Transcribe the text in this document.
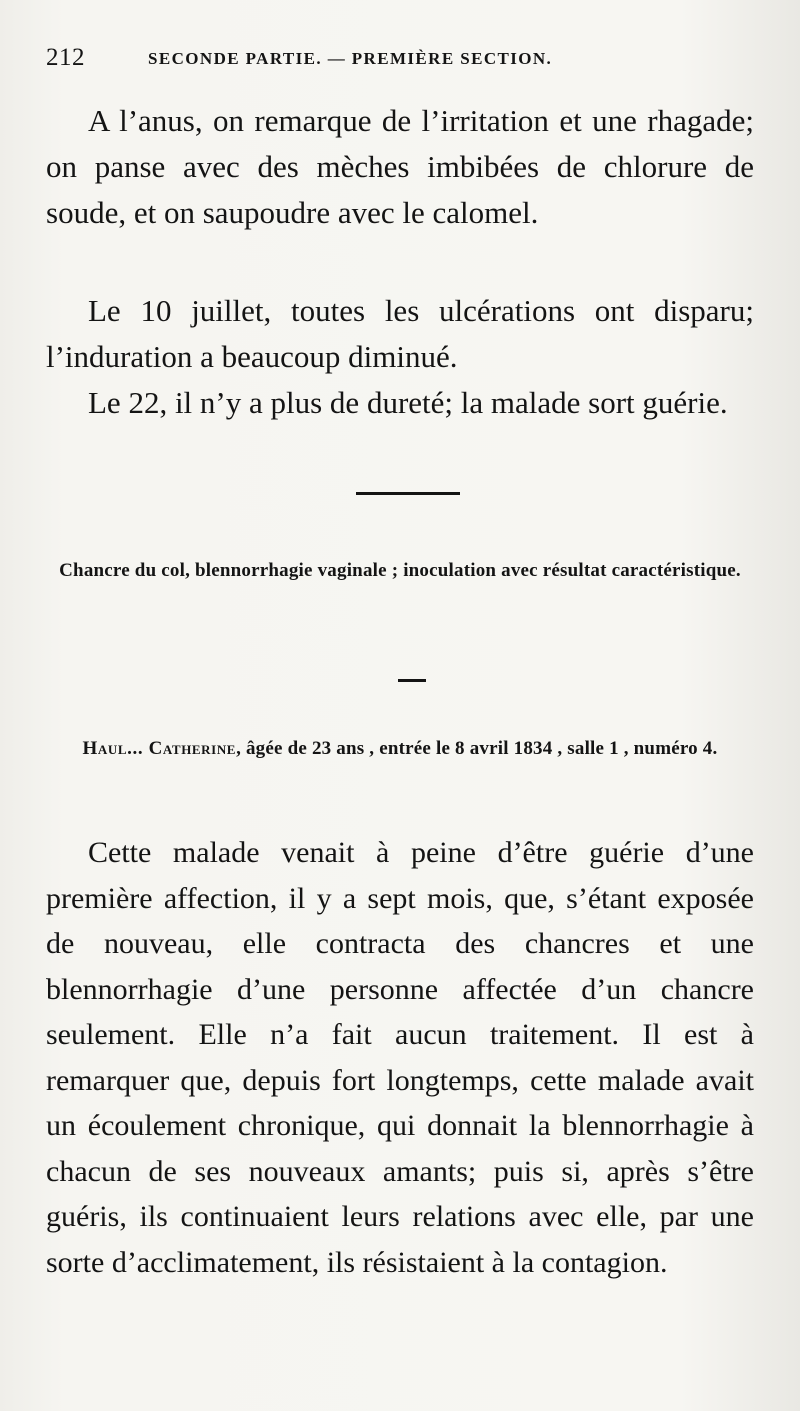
212	SECONDE PARTIE. — PREMIÈRE SECTION.

A l’anus, on remarque de l’irritation et une rhagade; on panse avec des mèches imbibées de chlorure de soude, et on saupoudre avec le calomel.

Le 10 juillet, toutes les ulcérations ont disparu; l’induration a beaucoup diminué.

Le 22, il n’y a plus de dureté; la malade sort guérie.

Chancre du col, blennorrhagie vaginale ; inoculation avec résultat caractéristique.
Haul... Catherine, âgée de 23 ans , entrée le 8 avril 1834 , salle 1 , numéro 4.

Cette malade venait à peine d’être guérie d’une première affection, il y a sept mois, que, s’étant exposée de nouveau, elle contracta des chancres et une blennorrhagie d’une personne affectée d’un chancre seulement. Elle n’a fait aucun traitement. Il est à remarquer que, depuis fort longtemps, cette malade avait un écoulement chronique, qui donnait la blennorrhagie à chacun de ses nouveaux amants; puis si, après s’être guéris, ils continuaient leurs relations avec elle, par une sorte d’acclimatement, ils résistaient à la contagion.
